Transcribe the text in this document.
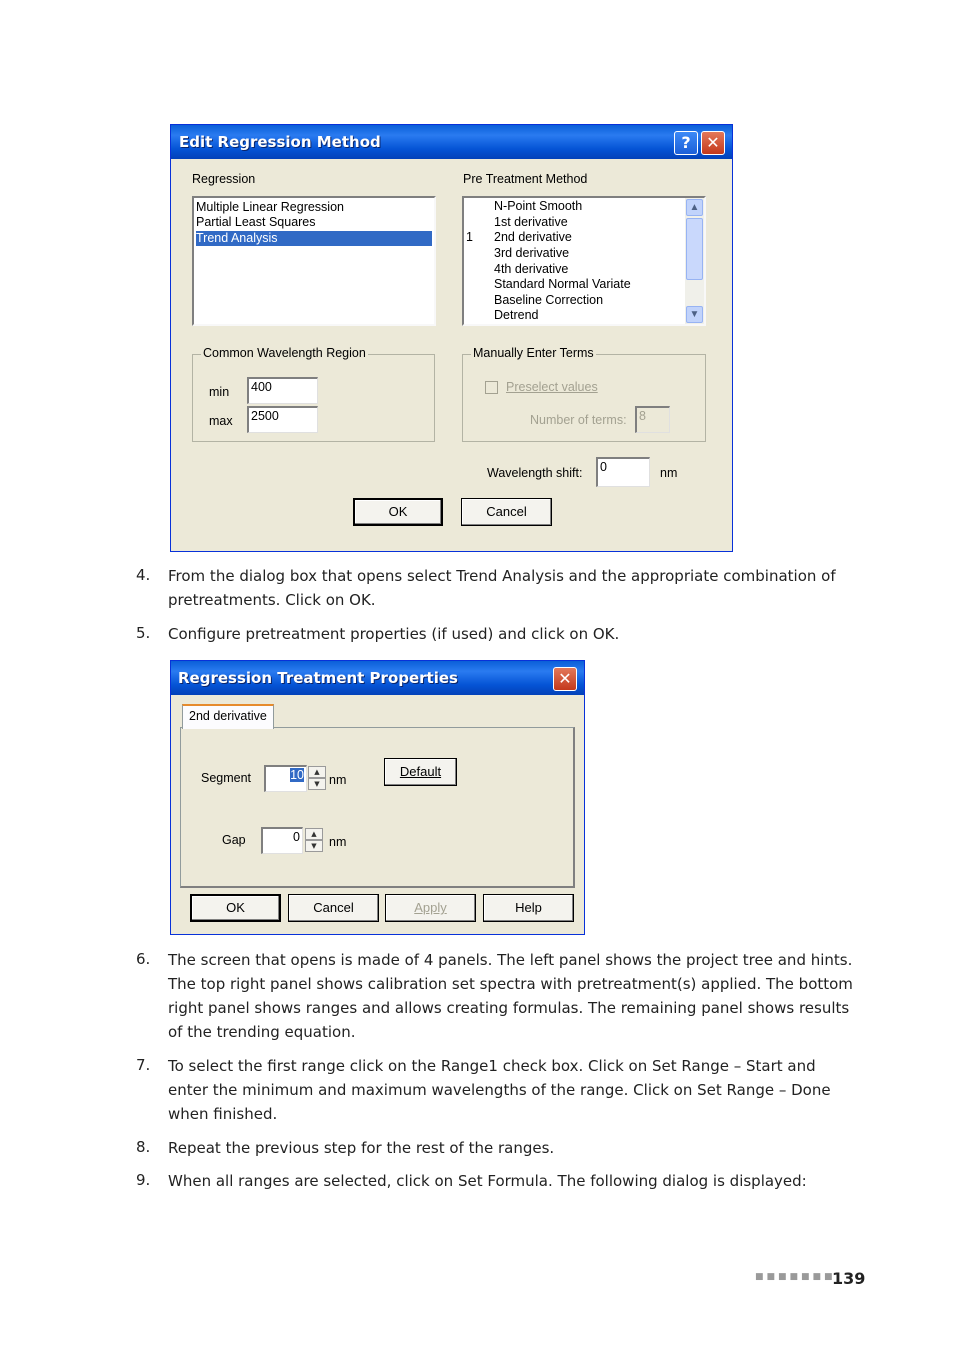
Edit Regression Method	? ✕
Regression
Multiple Linear Regression
Partial Least Squares
Trend Analysis
Pre Treatment Method
N-Point Smooth
1st derivative
1 2nd derivative
3rd derivative
4th derivative
Standard Normal Variate
Baseline Correction
Detrend
▲
▼
Common Wavelength Region
min	400
max	2500
Manually Enter Terms
Preselect values
Number of terms: 8
Wavelength shift:	0	nm
OK	Cancel
4. From the dialog box that opens select Trend Analysis and the appropriate combination of pretreatments. Click on OK.
5. Configure pretreatment properties (if used) and click on OK.
Regression Treatment Properties	✕
2nd derivative
Segment	10	▲
▼ nm
Default
Gap	0	▲
▼ nm
OK	Cancel	Apply	Help
6. The screen that opens is made of 4 panels. The left panel shows the project tree and hints. The top right panel shows calibration set spectra with pretreatment(s) applied. The bottom right panel shows ranges and allows creating formulas. The remaining panel shows results of the trending equation.
7. To select the first range click on the Range1 check box. Click on Set Range – Start and enter the minimum and maximum wavelengths of the range. Click on Set Range – Done when finished.
8. Repeat the previous step for the rest of the ranges.
9. When all ranges are selected, click on Set Formula. The following dialog is displayed:
■■■■■■■
139
